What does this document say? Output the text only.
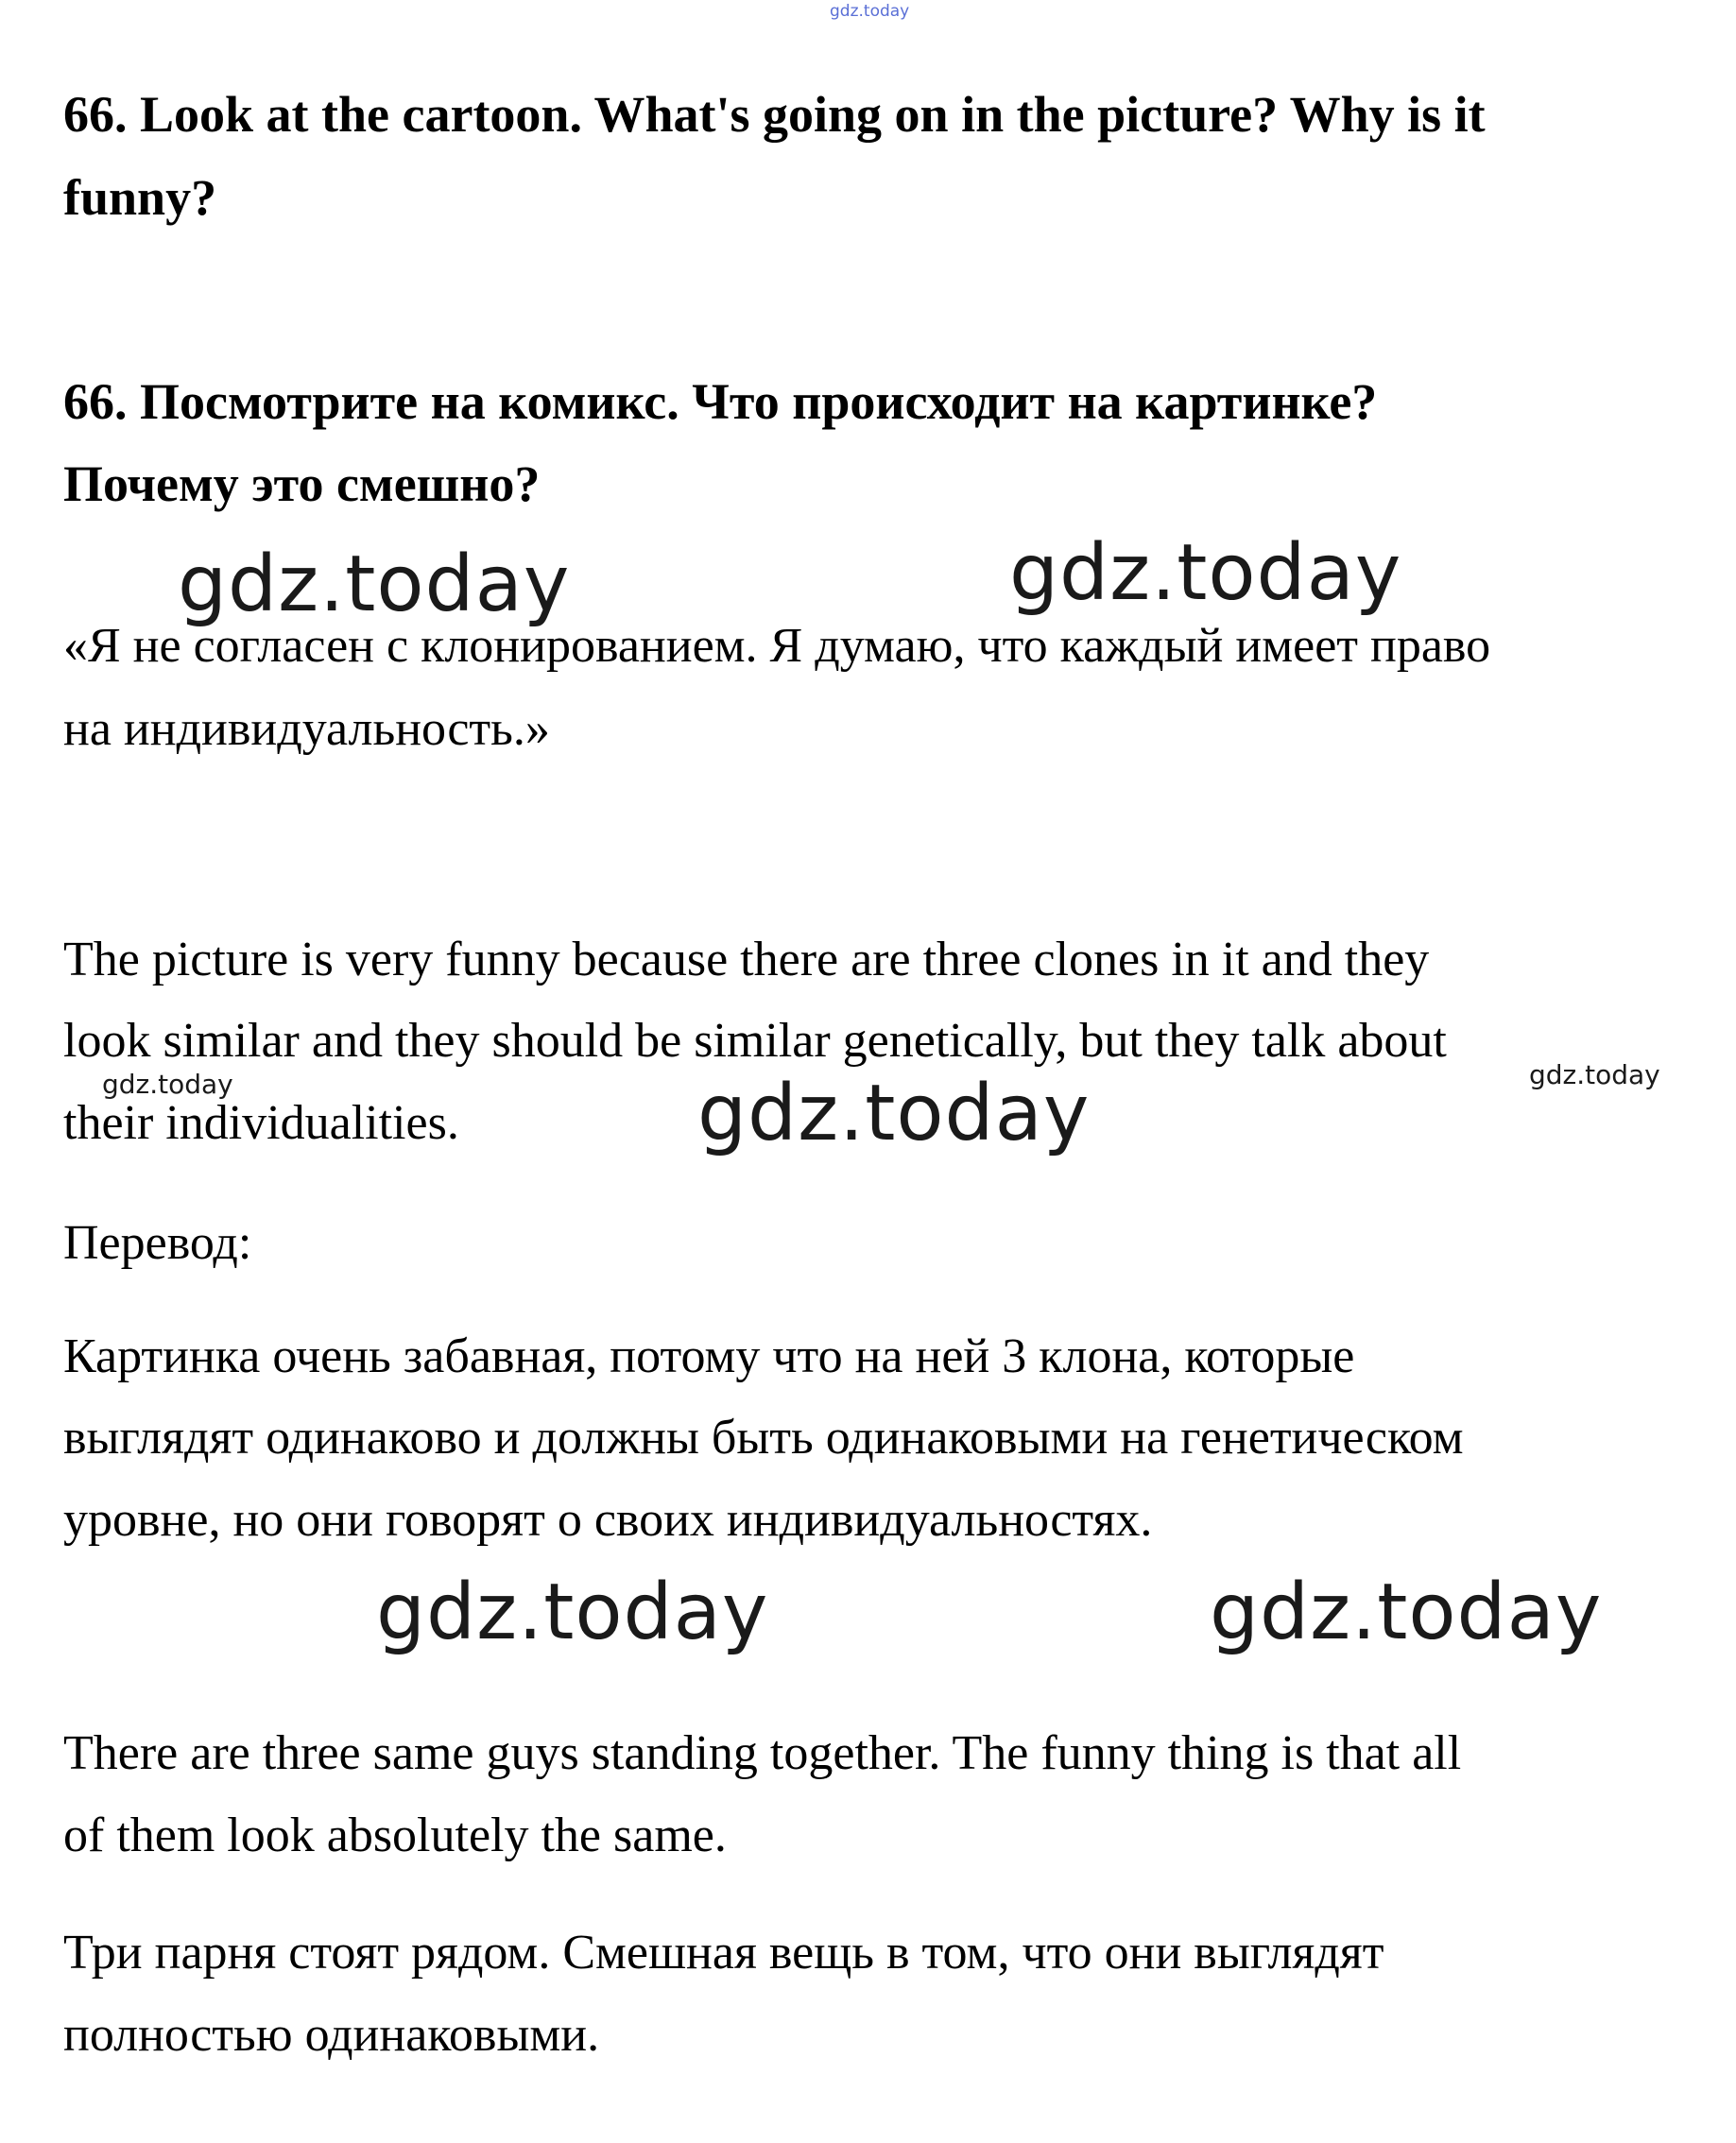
gdz.today
66. Look at the cartoon. What's going on in the picture? Why is it
funny?
66. Посмотрите на комикс. Что происходит на картинке?
Почему это смешно?
gdz.today	gdz.today
«Я не согласен с клонированием. Я думаю, что каждый имеет право
на индивидуальность.»
The picture is very funny because there are three clones in it and they
look similar and they should be similar genetically, but they talk about
their individualities.
gdz.today	gdz.today
gdz.today
Перевод:
Картинка очень забавная, потому что на ней 3 клона, которые
выглядят одинаково и должны быть одинаковыми на генетическом
уровне, но они говорят о своих индивидуальностях.
gdz.today	gdz.today
There are three same guys standing together. The funny thing is that all
of them look absolutely the same.
Три парня стоят рядом. Смешная вещь в том, что они выглядят
полностью одинаковыми.
